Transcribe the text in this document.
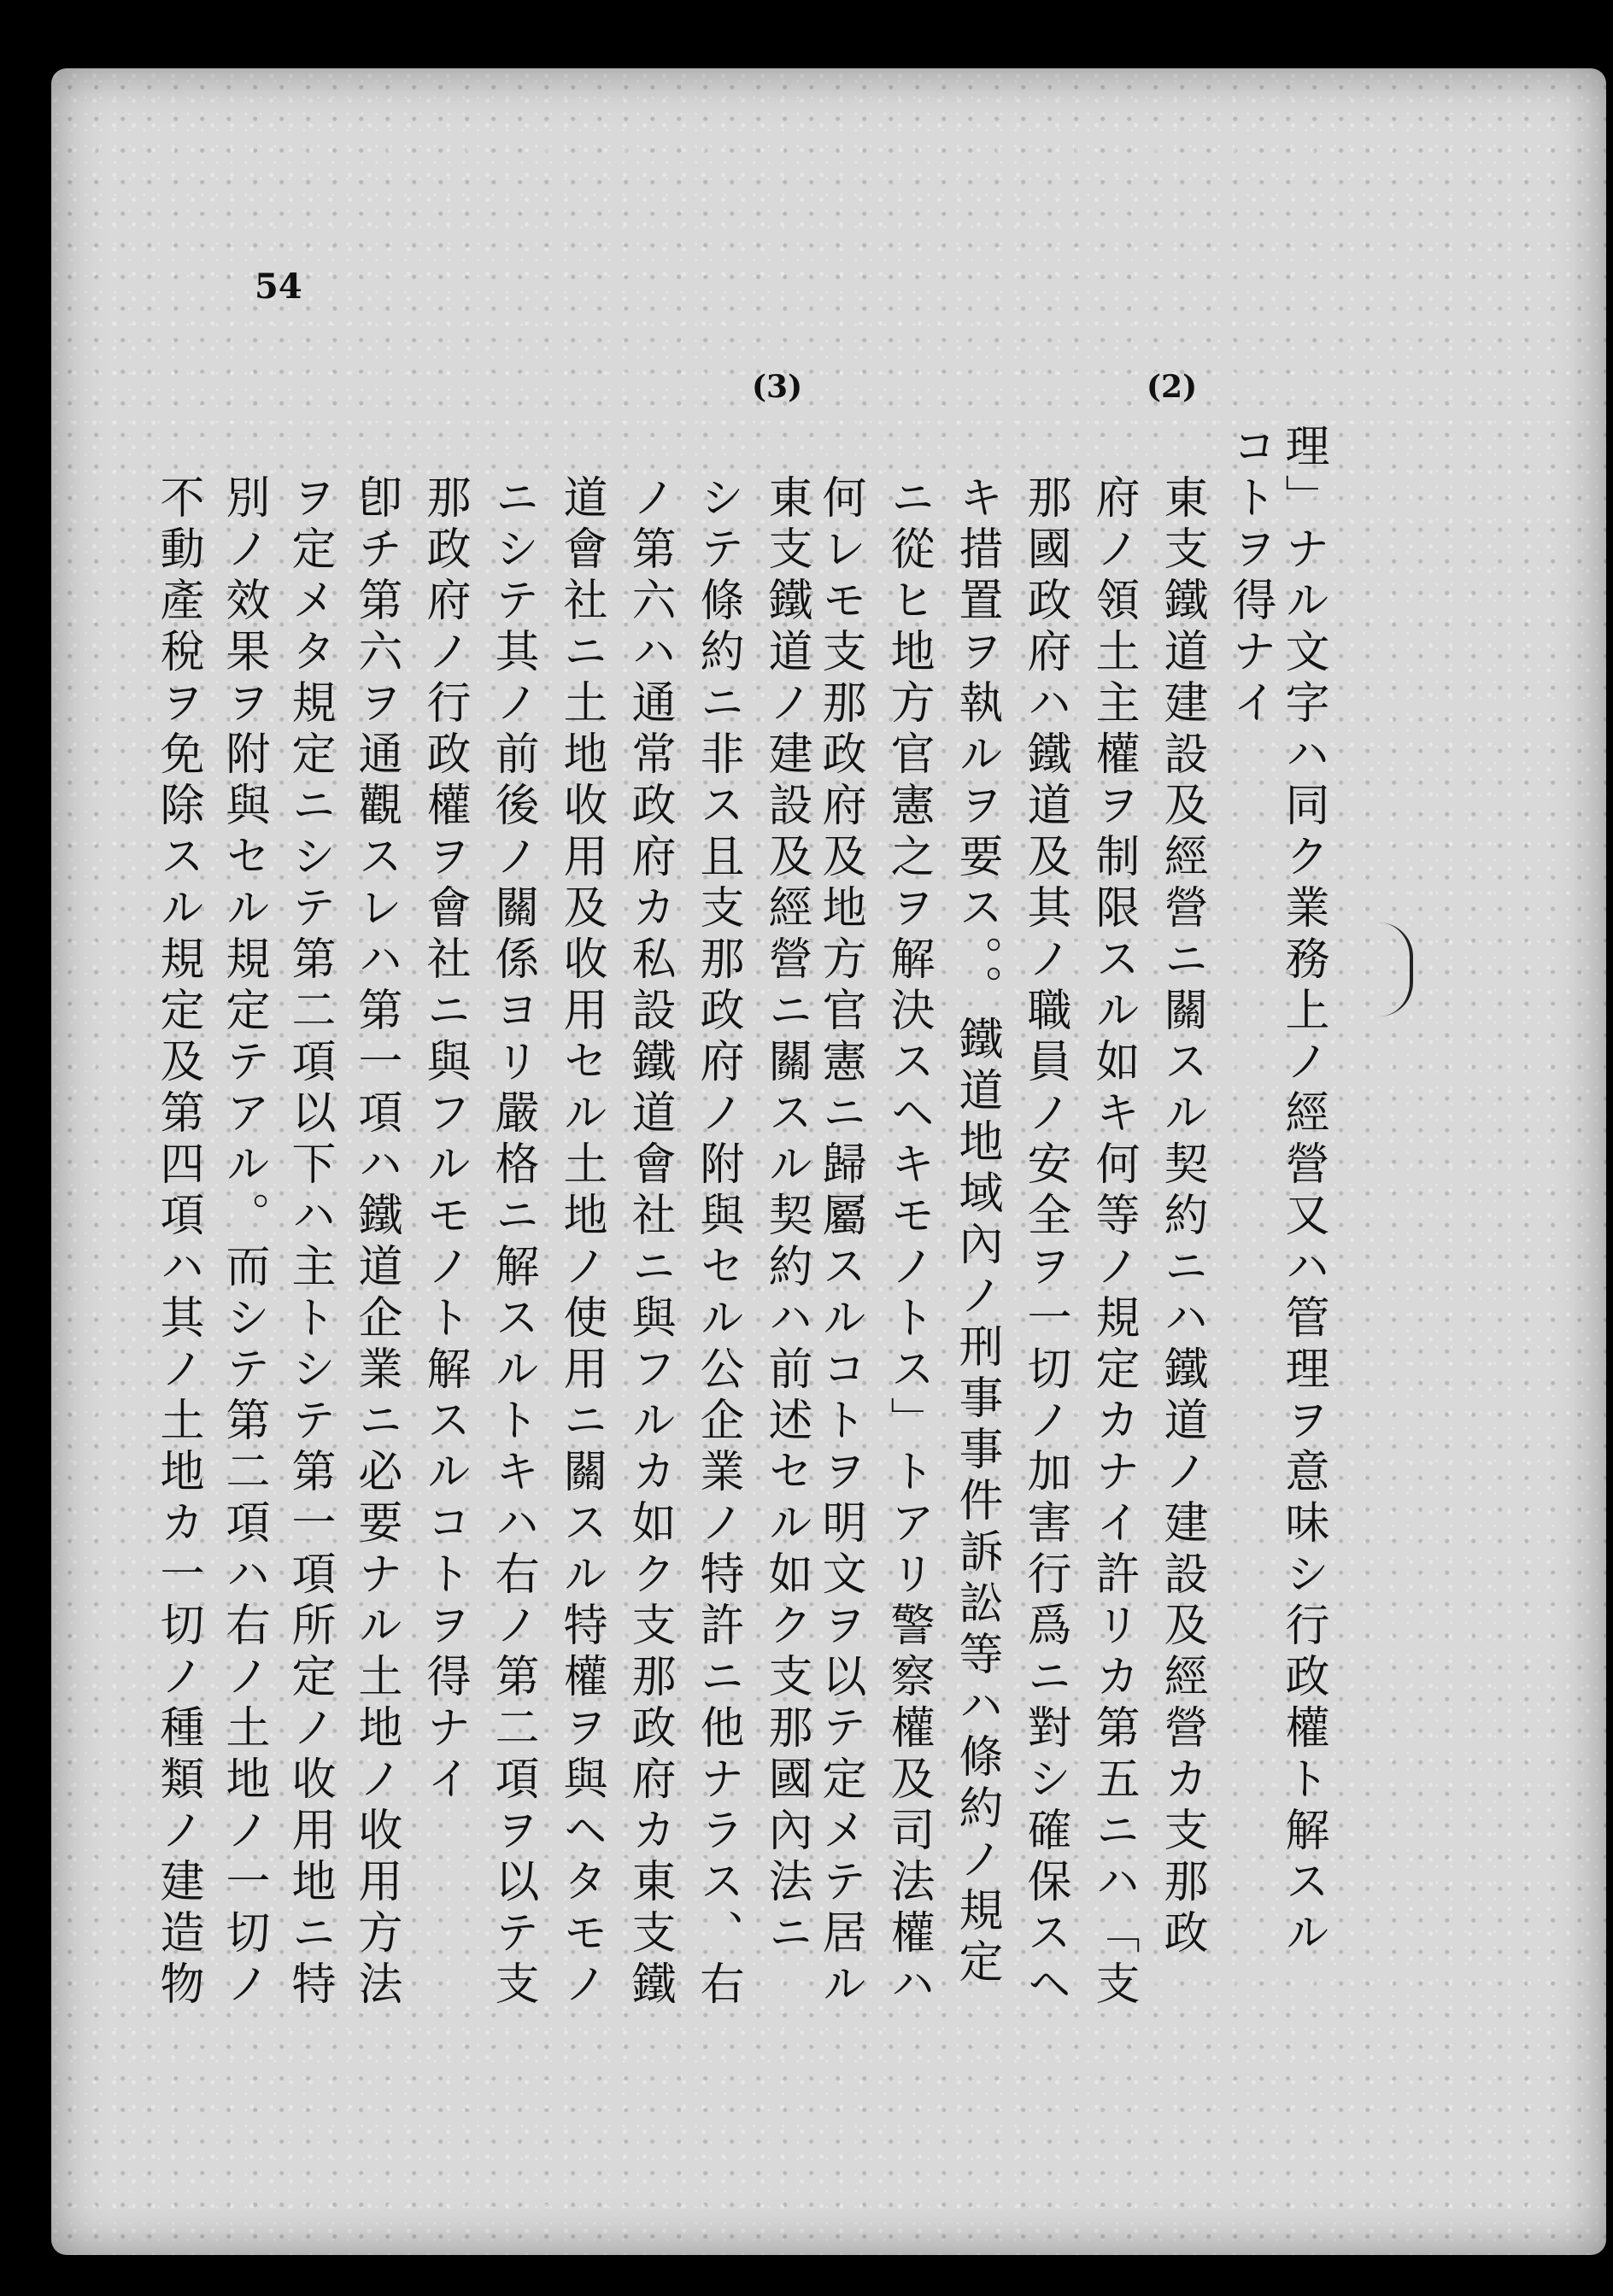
54
(2)
(3)
理」ナル文字ハ同ク業務上ノ經營又ハ管理ヲ意味シ行政權ト解スル
コトヲ得ナイ
東支鐵道建設及經營ニ關スル契約ニハ鐵道ノ建設及經營カ支那政
府ノ領土主權ヲ制限スル如キ何等ノ規定カナイ許リカ第五ニハ「支
那國政府ハ鐵道及其ノ職員ノ安全ヲ一切ノ加害行爲ニ對シ確保スヘ
キ措置ヲ執ルヲ要ス。。鐵道地域內ノ刑事事件訴訟等ハ條約ノ規定
ニ從ヒ地方官憲之ヲ解決スヘキモノトス」トアリ警察權及司法權ハ
何レモ支那政府及地方官憲ニ歸屬スルコトヲ明文ヲ以テ定メテ居ル
東支鐵道ノ建設及經營ニ關スル契約ハ前述セル如ク支那國內法ニ
シテ條約ニ非ス且支那政府ノ附與セル公企業ノ特許ニ他ナラス、右
ノ第六ハ通常政府カ私設鐵道會社ニ與フルカ如ク支那政府カ東支鐵
道會社ニ土地收用及收用セル土地ノ使用ニ關スル特權ヲ與ヘタモノ
ニシテ其ノ前後ノ關係ヨリ嚴格ニ解スルトキハ右ノ第二項ヲ以テ支
那政府ノ行政權ヲ會社ニ與フルモノト解スルコトヲ得ナイ
卽チ第六ヲ通觀スレハ第一項ハ鐵道企業ニ必要ナル土地ノ收用方法
ヲ定メタ規定ニシテ第二項以下ハ主トシテ第一項所定ノ收用地ニ特
別ノ效果ヲ附與セル規定テアル。而シテ第二項ハ右ノ土地ノ一切ノ
不動產稅ヲ免除スル規定及第四項ハ其ノ土地カ一切ノ種類ノ建造物
